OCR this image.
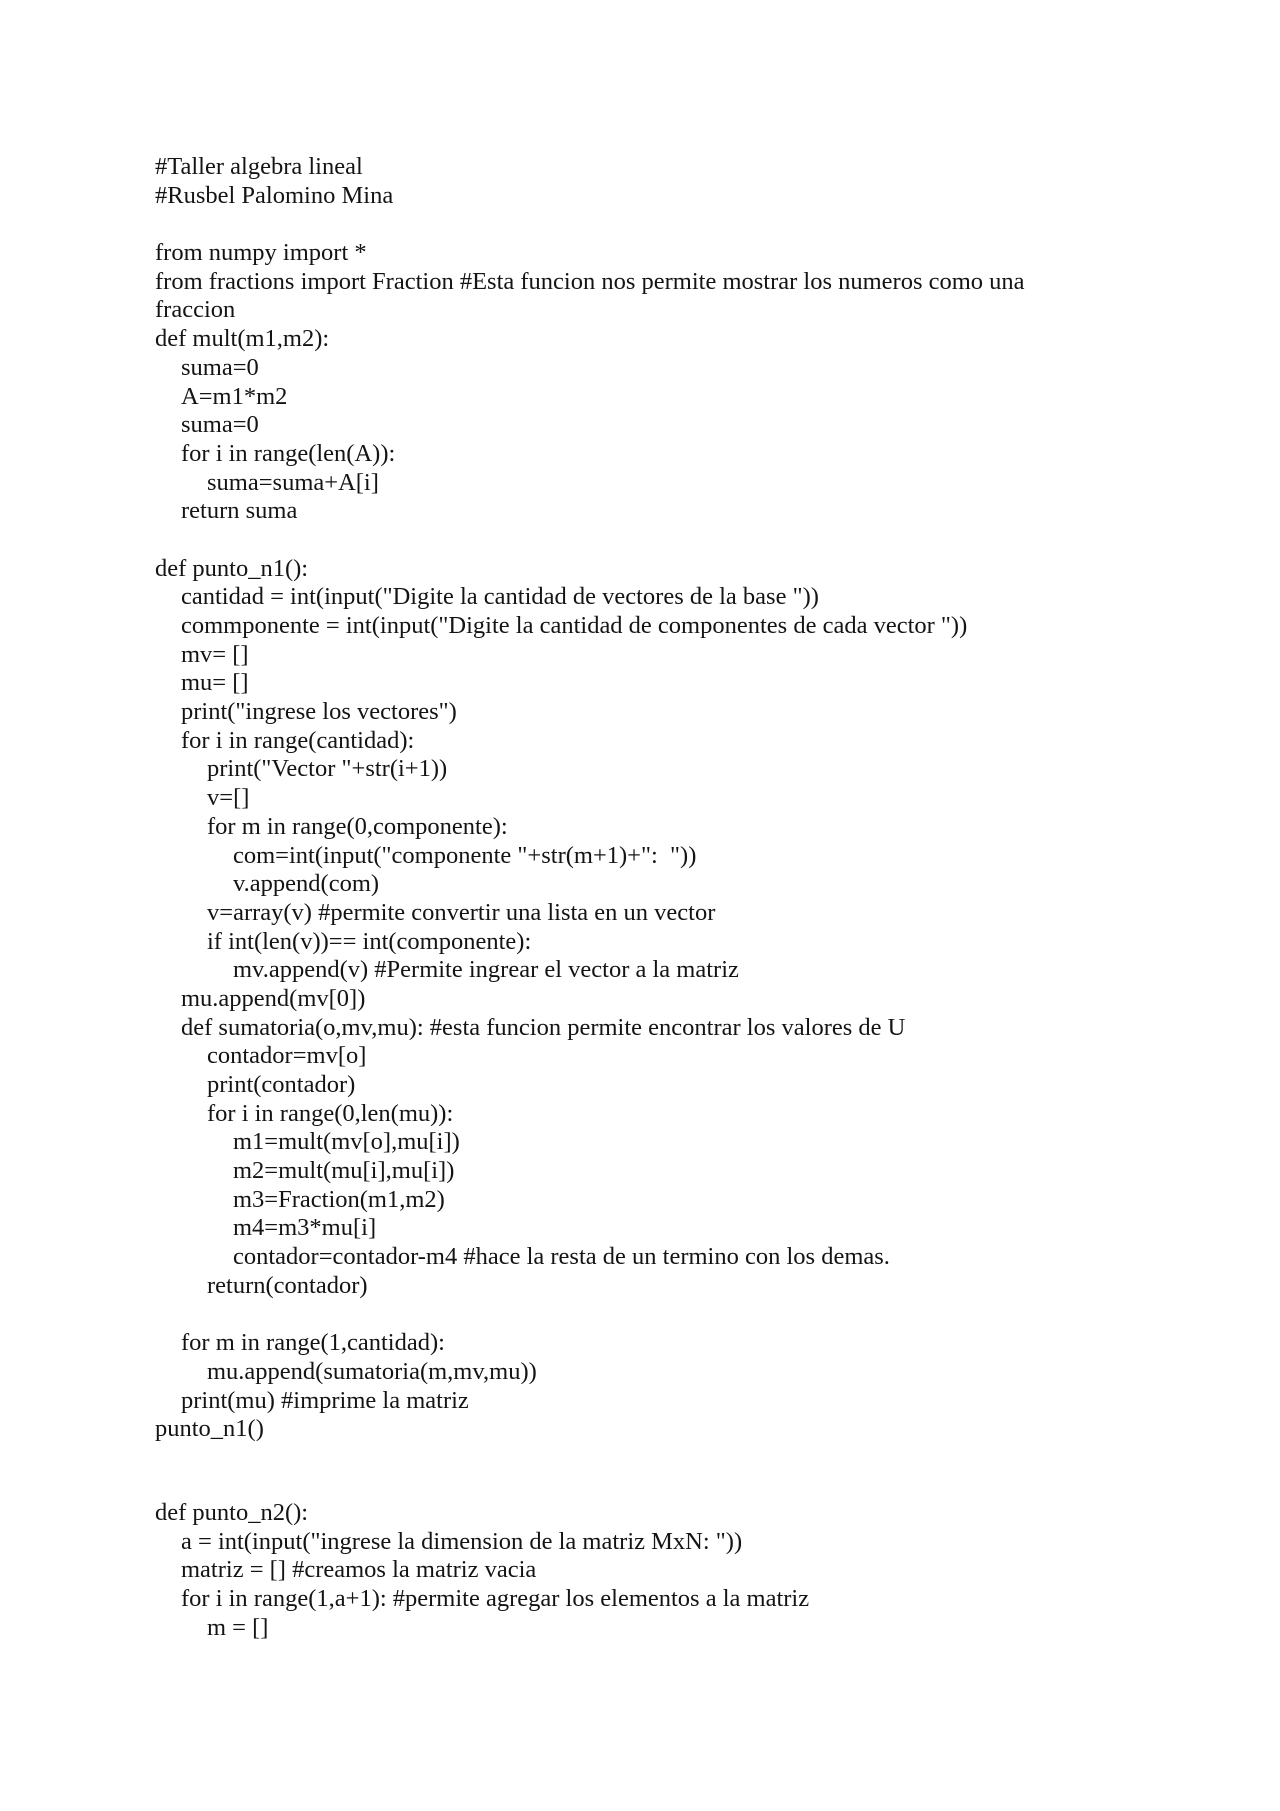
#Taller algebra lineal
#Rusbel Palomino Mina
from numpy import *
from fractions import Fraction #Esta funcion nos permite mostrar los numeros como una
fraccion
def mult(m1,m2):
suma=0
A=m1*m2
suma=0
for i in range(len(A)):
suma=suma+A[i]
return suma
def punto_n1():
cantidad = int(input("Digite la cantidad de vectores de la base "))
commponente = int(input("Digite la cantidad de componentes de cada vector "))
mv= []
mu= []
print("ingrese los vectores")
for i in range(cantidad):
print("Vector "+str(i+1))
v=[]
for m in range(0,componente):
com=int(input("componente "+str(m+1)+":  "))
v.append(com)
v=array(v) #permite convertir una lista en un vector
if int(len(v))== int(componente):
mv.append(v) #Permite ingrear el vector a la matriz
mu.append(mv[0])
def sumatoria(o,mv,mu): #esta funcion permite encontrar los valores de U
contador=mv[o]
print(contador)
for i in range(0,len(mu)):
m1=mult(mv[o],mu[i])
m2=mult(mu[i],mu[i])
m3=Fraction(m1,m2)
m4=m3*mu[i]
contador=contador-m4 #hace la resta de un termino con los demas.
return(contador)
for m in range(1,cantidad):
mu.append(sumatoria(m,mv,mu))
print(mu) #imprime la matriz
punto_n1()
def punto_n2():
a = int(input("ingrese la dimension de la matriz MxN: "))
matriz = [] #creamos la matriz vacia
for i in range(1,a+1): #permite agregar los elementos a la matriz
m = []
